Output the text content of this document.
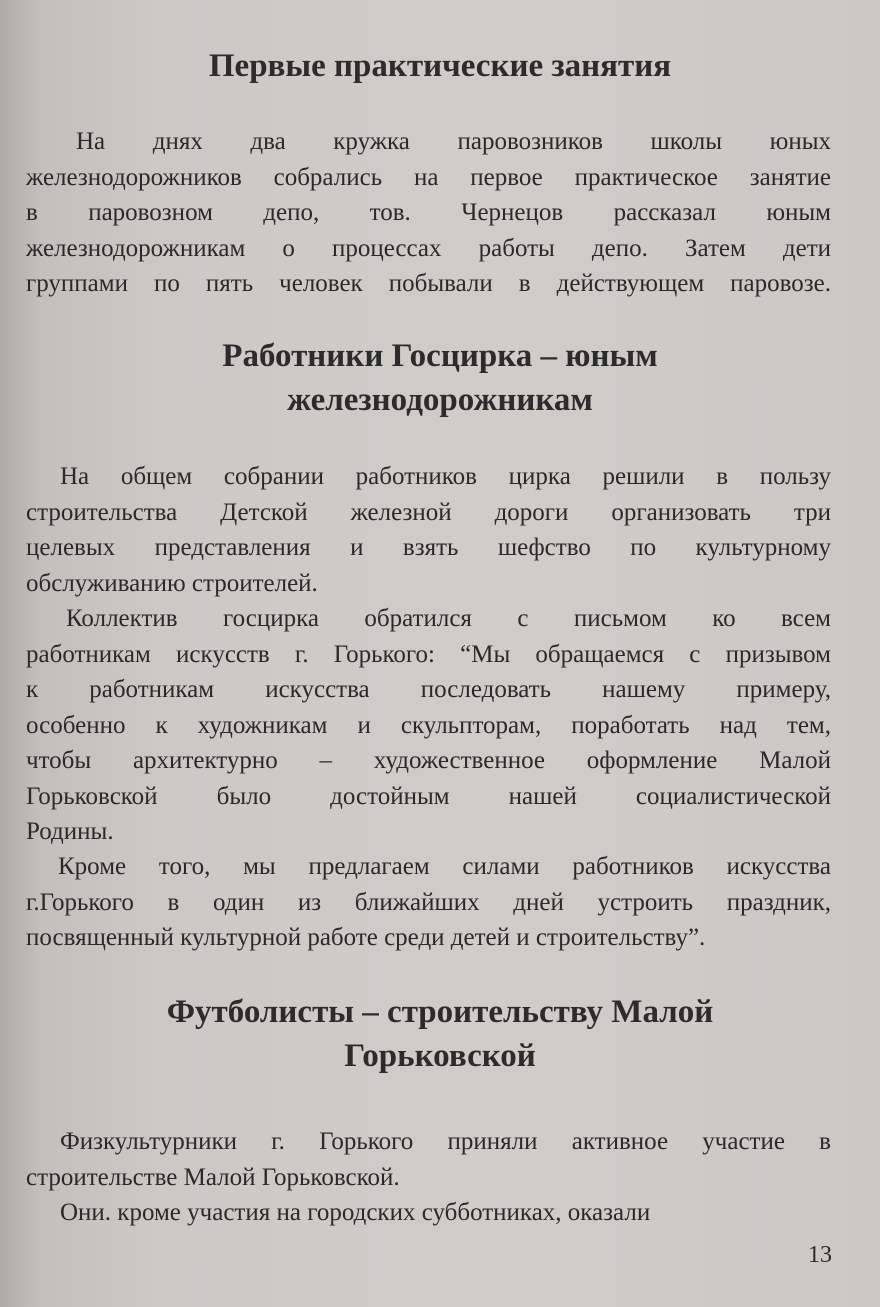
Первые практические занятия

На днях два кружка паровозников школы юных
железнодорожников собрались на первое практическое занятие
в паровозном депо, тов. Чернецов рассказал юным
железнодорожникам о процессах работы депо. Затем дети
группами по пять человек побывали в действующем паровозе.

Работники Госцирка – юным
железнодорожникам

На общем собрании работников цирка решили в пользу
строительства Детской железной дороги организовать три
целевых представления и взять шефство по культурному
обслуживанию строителей.

Коллектив госцирка обратился с письмом ко всем
работникам искусств г. Горького: “Мы обращаемся с призывом
к работникам искусства последовать нашему примеру,
особенно к художникам и скульпторам, поработать над тем,
чтобы архитектурно – художественное оформление Малой
Горьковской было достойным нашей социалистической
Родины.

Кроме того, мы предлагаем силами работников искусства
г.Горького в один из ближайших дней устроить праздник,
посвященный культурной работе среди детей и строительству”.

Футболисты – строительству Малой
Горьковской

Физкультурники г. Горького приняли активное участие в
строительстве Малой Горьковской.

Они. кроме участия на городских субботниках, оказали

13
